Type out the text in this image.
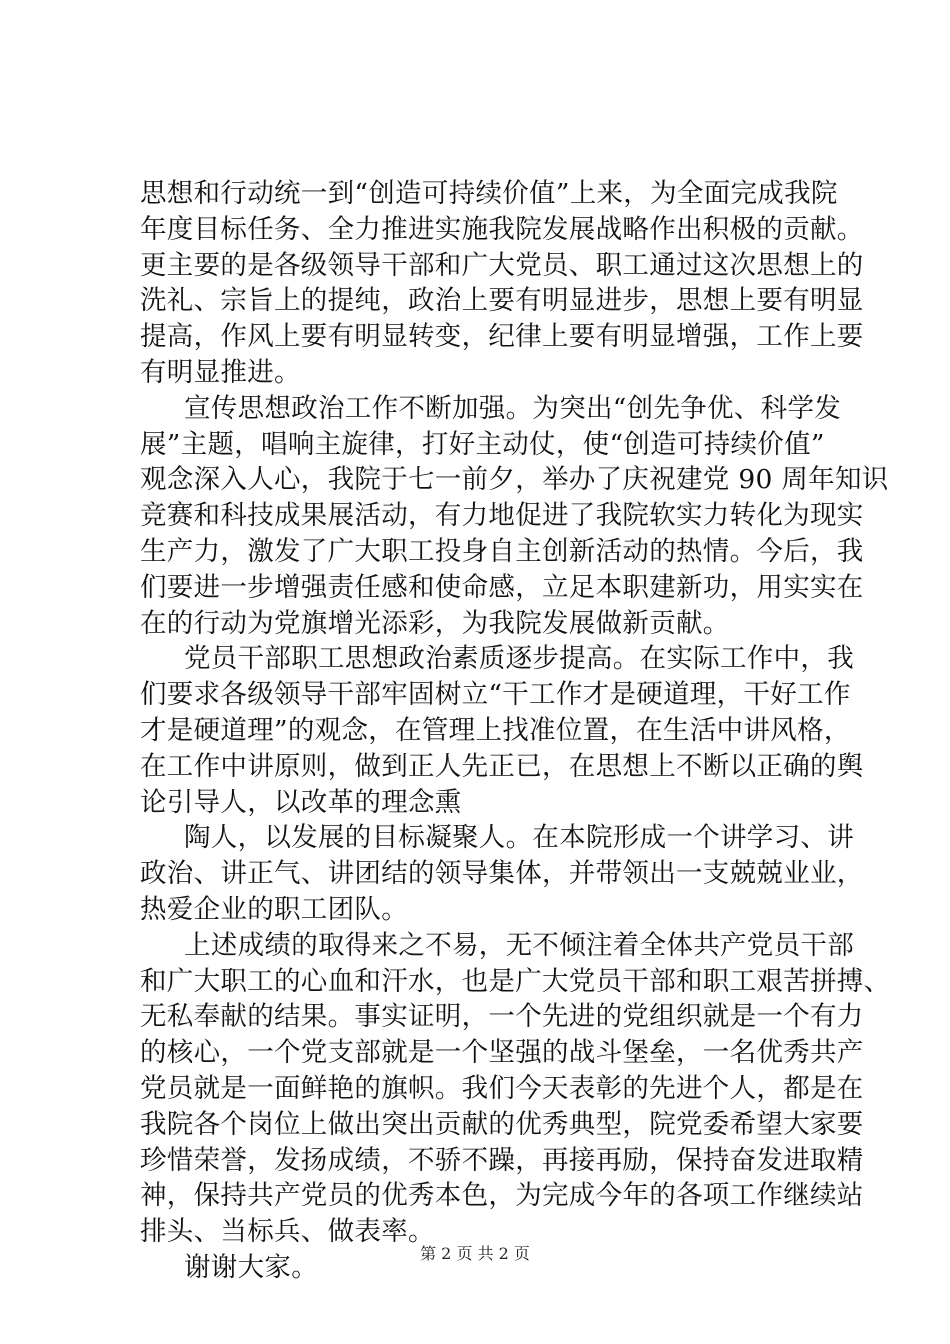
思想和行动统一到“创造可持续价值”上来，为全面完成我院
年度目标任务、全力推进实施我院发展战略作出积极的贡献。
更主要的是各级领导干部和广大党员、职工通过这次思想上的
洗礼、宗旨上的提纯，政治上要有明显进步，思想上要有明显
提高，作风上要有明显转变，纪律上要有明显增强，工作上要
有明显推进。
宣传思想政治工作不断加强。为突出“创先争优、科学发
展”主题，唱响主旋律，打好主动仗，使“创造可持续价值”
观念深入人心，我院于七一前夕，举办了庆祝建党 90 周年知识
竞赛和科技成果展活动，有力地促进了我院软实力转化为现实
生产力，激发了广大职工投身自主创新活动的热情。今后，我
们要进一步增强责任感和使命感，立足本职建新功，用实实在
在的行动为党旗增光添彩，为我院发展做新贡献。
党员干部职工思想政治素质逐步提高。在实际工作中，我
们要求各级领导干部牢固树立“干工作才是硬道理，干好工作
才是硬道理”的观念，在管理上找准位置，在生活中讲风格，
在工作中讲原则，做到正人先正已，在思想上不断以正确的舆
论引导人，以改革的理念熏
陶人，以发展的目标凝聚人。在本院形成一个讲学习、讲
政治、讲正气、讲团结的领导集体，并带领出一支兢兢业业，
热爱企业的职工团队。
上述成绩的取得来之不易，无不倾注着全体共产党员干部
和广大职工的心血和汗水，也是广大党员干部和职工艰苦拼搏、
无私奉献的结果。事实证明，一个先进的党组织就是一个有力
的核心，一个党支部就是一个坚强的战斗堡垒，一名优秀共产
党员就是一面鲜艳的旗帜。我们今天表彰的先进个人，都是在
我院各个岗位上做出突出贡献的优秀典型，院党委希望大家要
珍惜荣誉，发扬成绩，不骄不躁，再接再励，保持奋发进取精
神，保持共产党员的优秀本色，为完成今年的各项工作继续站
排头、当标兵、做表率。
谢谢大家。	第 2 页 共 2 页
